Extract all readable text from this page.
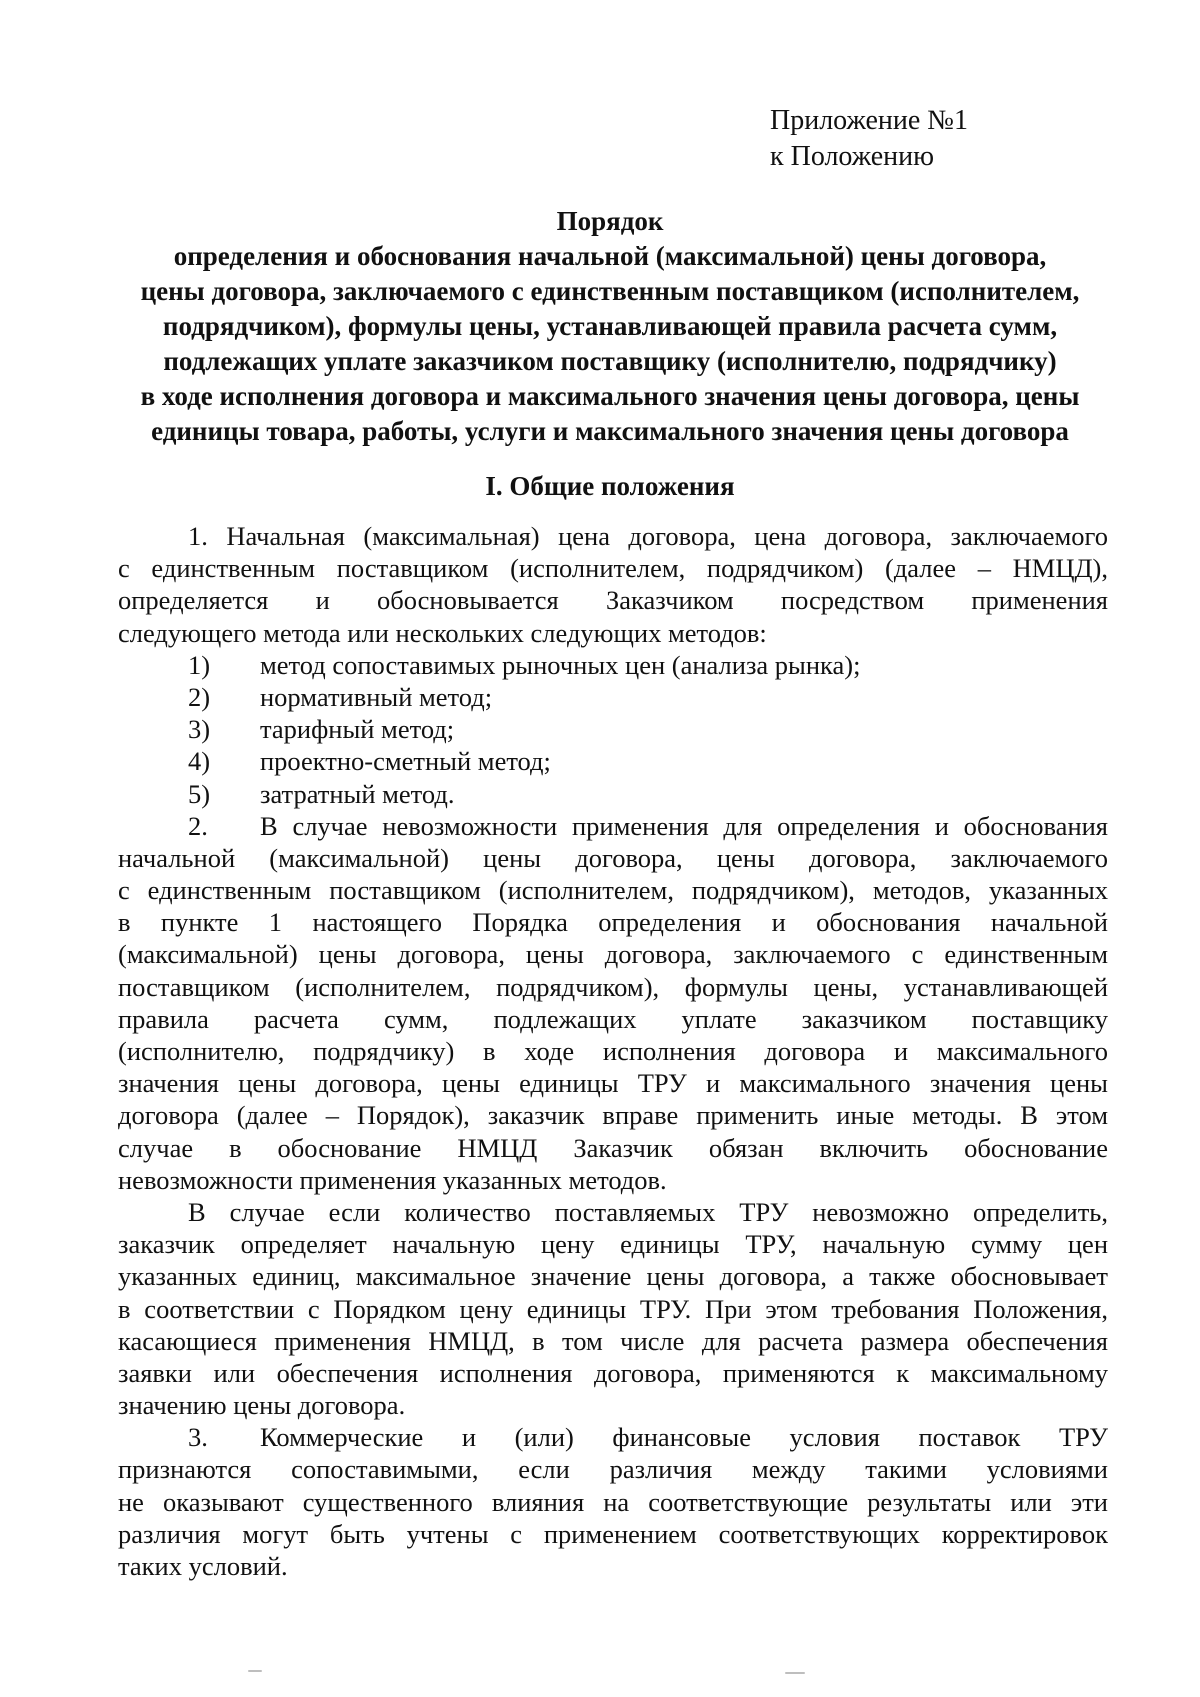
Приложение №1
к Положению
Порядок
определения и обоснования начальной (максимальной) цены договора,
цены договора, заключаемого с единственным поставщиком (исполнителем,
подрядчиком), формулы цены, устанавливающей правила расчета сумм,
подлежащих уплате заказчиком поставщику (исполнителю, подрядчику)
в ходе исполнения договора и максимального значения цены договора, цены
единицы товара, работы, услуги и максимального значения цены договора
I. Общие положения
1. Начальная (максимальная) цена договора, цена договора, заключаемого
с единственным поставщиком (исполнителем, подрядчиком) (далее – НМЦД),
определяется и обосновывается Заказчиком посредством применения
следующего метода или нескольких следующих методов:
1) метод сопоставимых рыночных цен (анализа рынка);
2) нормативный метод;
3) тарифный метод;
4) проектно-сметный метод;
5) затратный метод.
2. В случае невозможности применения для определения и обоснования
начальной (максимальной) цены договора, цены договора, заключаемого
с единственным поставщиком (исполнителем, подрядчиком), методов, указанных
в пункте 1 настоящего Порядка определения и обоснования начальной
(максимальной) цены договора, цены договора, заключаемого с единственным
поставщиком (исполнителем, подрядчиком), формулы цены, устанавливающей
правила расчета сумм, подлежащих уплате заказчиком поставщику
(исполнителю, подрядчику) в ходе исполнения договора и максимального
значения цены договора, цены единицы ТРУ и максимального значения цены
договора (далее – Порядок), заказчик вправе применить иные методы. В этом
случае в обоснование НМЦД Заказчик обязан включить обоснование
невозможности применения указанных методов.
В случае если количество поставляемых ТРУ невозможно определить,
заказчик определяет начальную цену единицы ТРУ, начальную сумму цен
указанных единиц, максимальное значение цены договора, а также обосновывает
в соответствии с Порядком цену единицы ТРУ. При этом требования Положения,
касающиеся применения НМЦД, в том числе для расчета размера обеспечения
заявки или обеспечения исполнения договора, применяются к максимальному
значению цены договора.
3. Коммерческие и (или) финансовые условия поставок ТРУ
признаются сопоставимыми, если различия между такими условиями
не оказывают существенного влияния на соответствующие результаты или эти
различия могут быть учтены с применением соответствующих корректировок
таких условий.
